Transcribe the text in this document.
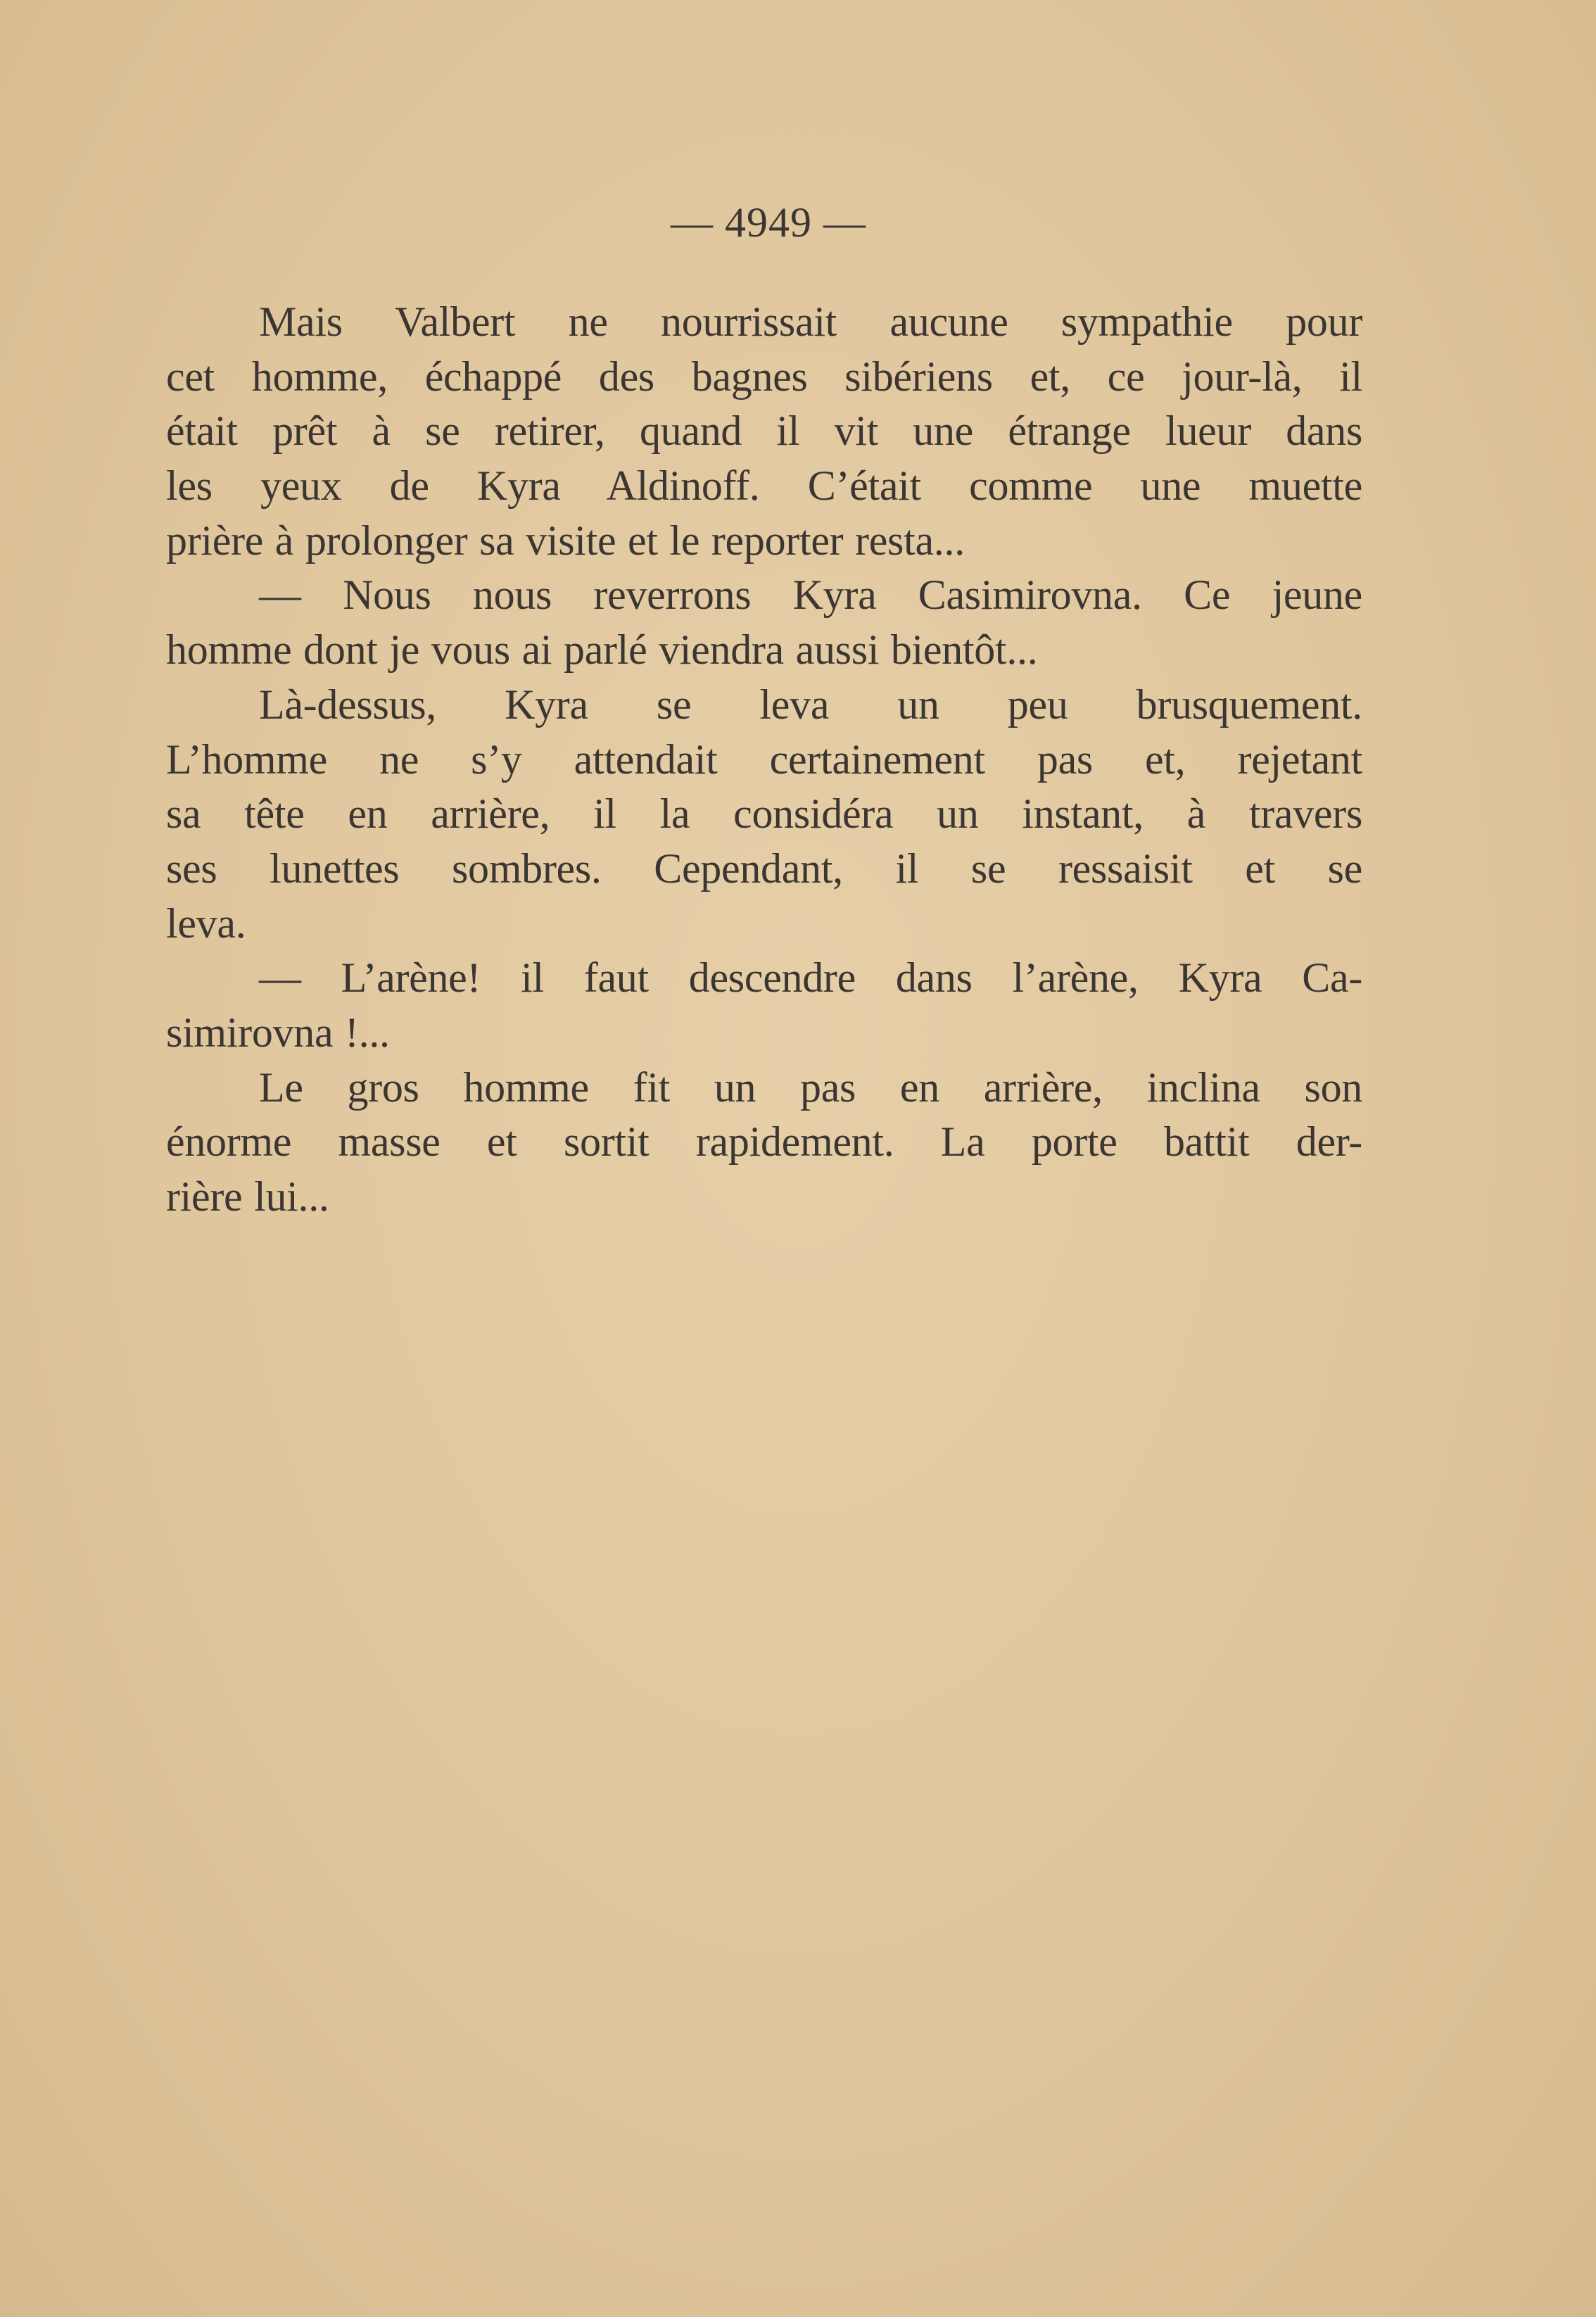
— 4949 —
Mais Valbert ne nourrissait aucune sympathie pour
cet homme, échappé des bagnes sibériens et, ce jour-là, il
était prêt à se retirer, quand il vit une étrange lueur dans
les yeux de Kyra Aldinoff. C’était comme une muette
prière à prolonger sa visite et le reporter resta...
— Nous nous reverrons Kyra Casimirovna. Ce jeune
homme dont je vous ai parlé viendra aussi bientôt...
Là-dessus, Kyra se leva un peu brusquement.
L’homme ne s’y attendait certainement pas et, rejetant
sa tête en arrière, il la considéra un instant, à travers
ses lunettes sombres. Cependant, il se ressaisit et se
leva.
— L’arène! il faut descendre dans l’arène, Kyra Ca-
simirovna !...
Le gros homme fit un pas en arrière, inclina son
énorme masse et sortit rapidement. La porte battit der-
rière lui...
